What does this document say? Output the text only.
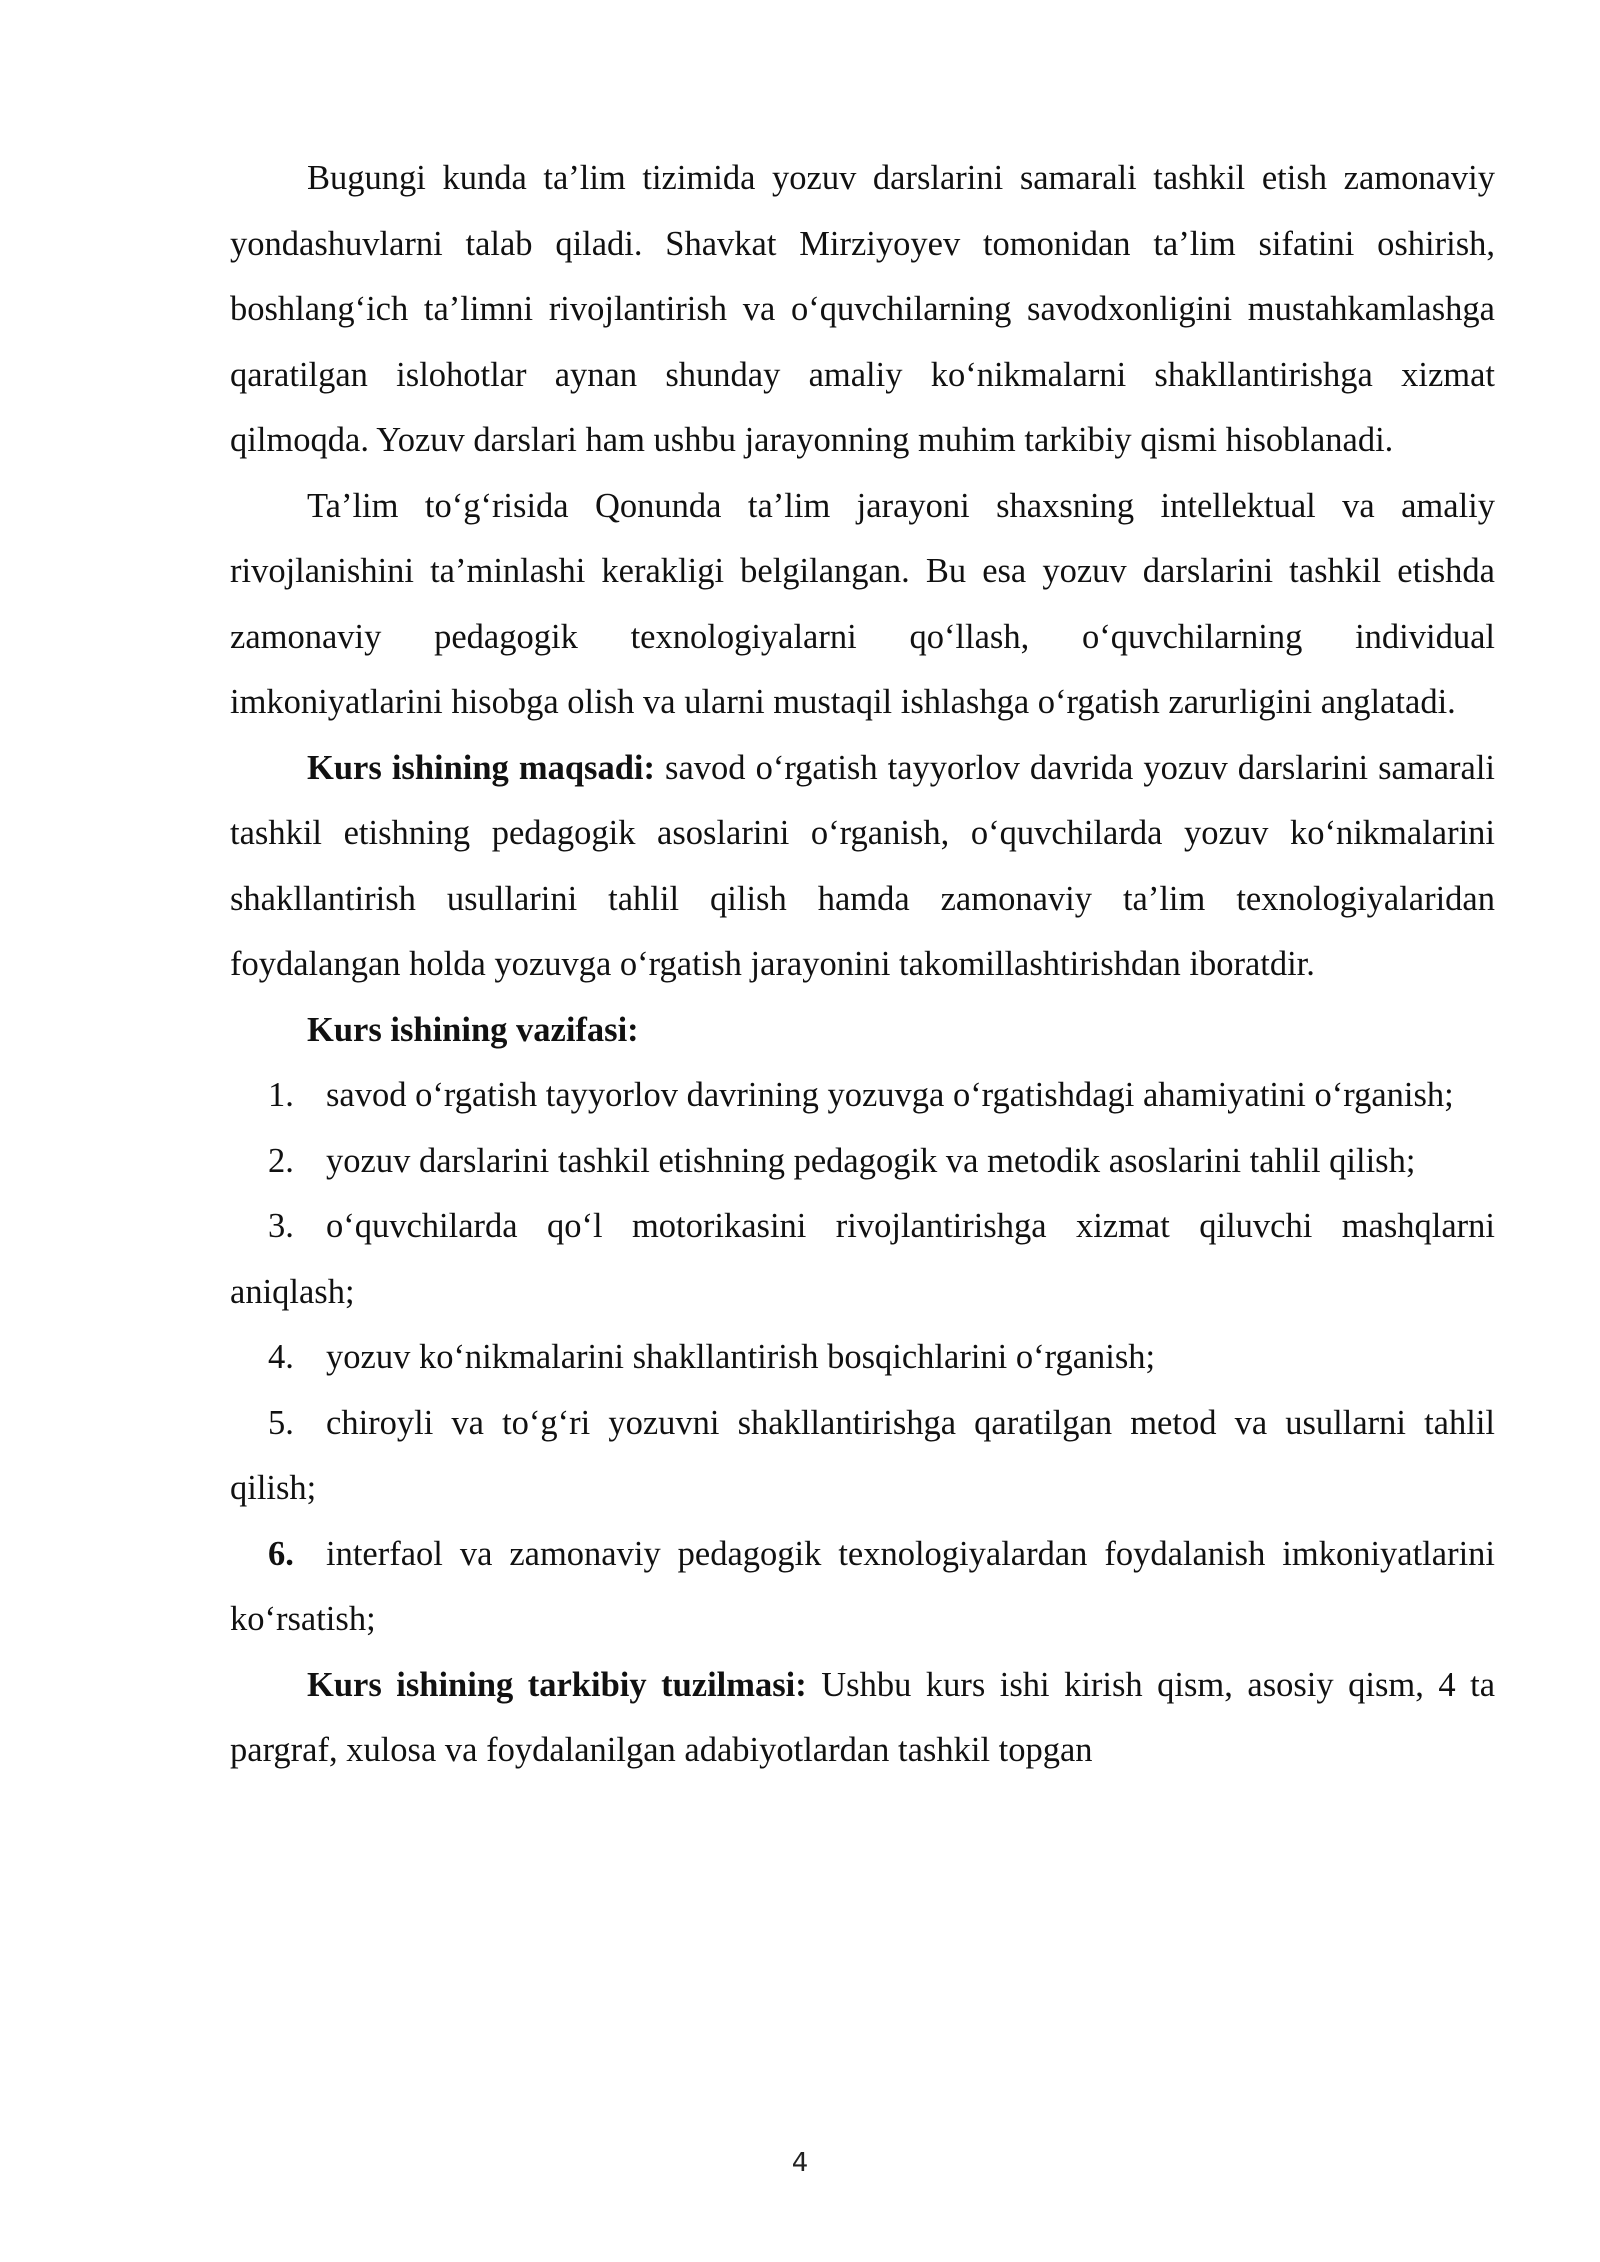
Bugungi kunda ta’lim tizimida yozuv darslarini samarali tashkil etish zamonaviy yondashuvlarni talab qiladi. Shavkat Mirziyoyev tomonidan ta’lim sifatini oshirish, boshlang‘ich ta’limni rivojlantirish va o‘quvchilarning savodxonligini mustahkamlashga qaratilgan islohotlar aynan shunday amaliy ko‘nikmalarni shakllantirishga xizmat qilmoqda. Yozuv darslari ham ushbu jarayonning muhim tarkibiy qismi hisoblanadi.

Ta’lim to‘g‘risida Qonunda ta’lim jarayoni shaxsning intellektual va amaliy rivojlanishini ta’minlashi kerakligi belgilangan. Bu esa yozuv darslarini tashkil etishda zamonaviy pedagogik texnologiyalarni qo‘llash, o‘quvchilarning individual imkoniyatlarini hisobga olish va ularni mustaqil ishlashga o‘rgatish zarurligini anglatadi.

Kurs ishining maqsadi: savod o‘rgatish tayyorlov davrida yozuv darslarini samarali tashkil etishning pedagogik asoslarini o‘rganish, o‘quvchilarda yozuv ko‘nikmalarini shakllantirish usullarini tahlil qilish hamda zamonaviy ta’lim texnologiyalaridan foydalangan holda yozuvga o‘rgatish jarayonini takomillashtirishdan iboratdir.

Kurs ishining vazifasi:

1. savod o‘rgatish tayyorlov davrining yozuvga o‘rgatishdagi ahamiyatini o‘rganish;

2. yozuv darslarini tashkil etishning pedagogik va metodik asoslarini tahlil qilish;

3. o‘quvchilarda qo‘l motorikasini rivojlantirishga xizmat qiluvchi mashqlarni aniqlash;

4. yozuv ko‘nikmalarini shakllantirish bosqichlarini o‘rganish;

5. chiroyli va to‘g‘ri yozuvni shakllantirishga qaratilgan metod va usullarni tahlil qilish;

6. interfaol va zamonaviy pedagogik texnologiyalardan foydalanish imkoniyatlarini ko‘rsatish;

Kurs ishining tarkibiy tuzilmasi: Ushbu kurs ishi kirish qism, asosiy qism, 4 ta pargraf, xulosa va foydalanilgan adabiyotlardan tashkil topgan

4
